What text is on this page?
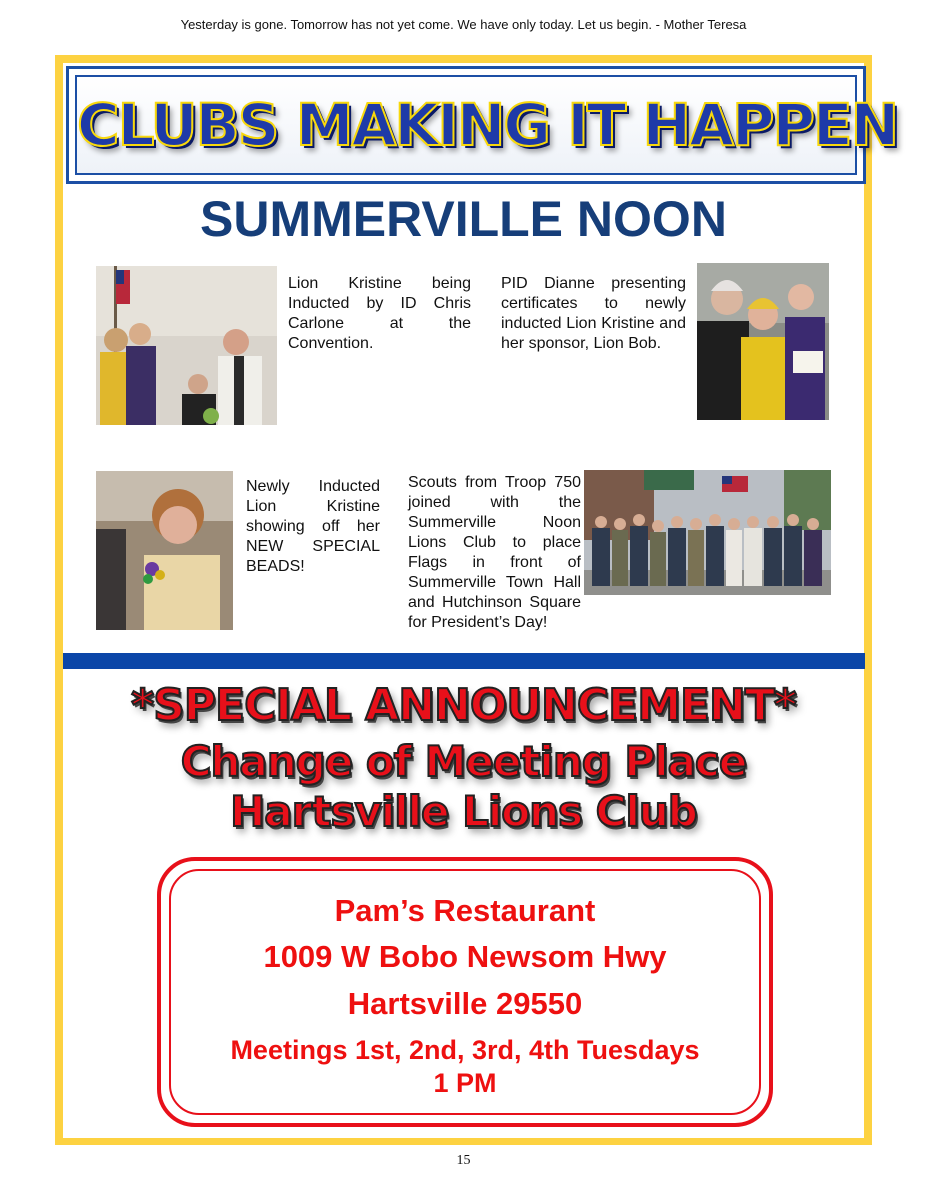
Yesterday is gone. Tomorrow has not yet come. We have only today. Let us begin. - Mother Teresa
CLUBS MAKING IT HAPPEN
SUMMERVILLE NOON
Lion Kristine being Inducted by ID Chris Carlone at the Convention.
PID Dianne presenting certificates to newly inducted Lion Kristine and her sponsor, Lion Bob.
Newly Inducted Lion Kristine showing off her NEW SPECIAL BEADS!
Scouts from Troop 750 joined with the Summerville Noon Lions Club to place Flags in front of Summerville Town Hall and Hutchinson Square for President’s Day!
*SPECIAL ANNOUNCEMENT*
Change of Meeting Place
Hartsville Lions Club
Pam’s Restaurant
1009 W Bobo Newsom Hwy
Hartsville 29550
Meetings 1st, 2nd, 3rd, 4th Tuesdays
1 PM
15
